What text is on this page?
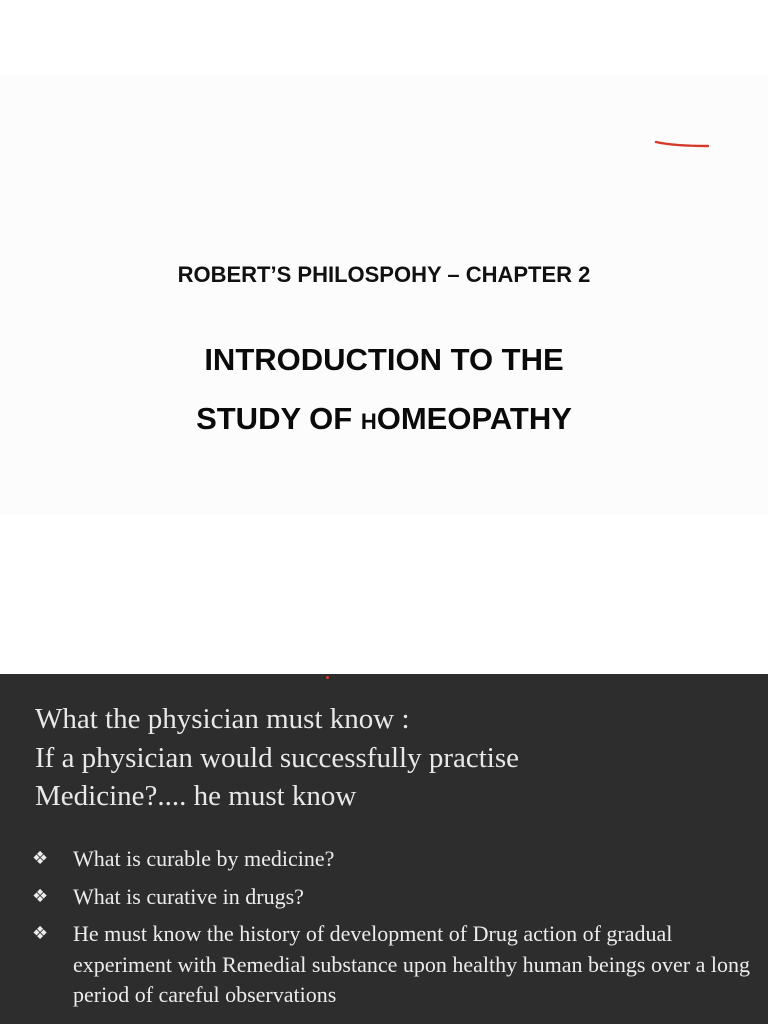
ROBERT’S PHILOSPOHY – CHAPTER 2
INTRODUCTION TO THE
STUDY OF HOMEOPATHY
What the physician must know :
If a physician would successfully practise
Medicine?.... he must know
❖ What is curable by medicine?
❖ What is curative in drugs?
❖ He must know the history of development of Drug action of gradual experiment with Remedial substance upon healthy human beings over a long period of careful observations
